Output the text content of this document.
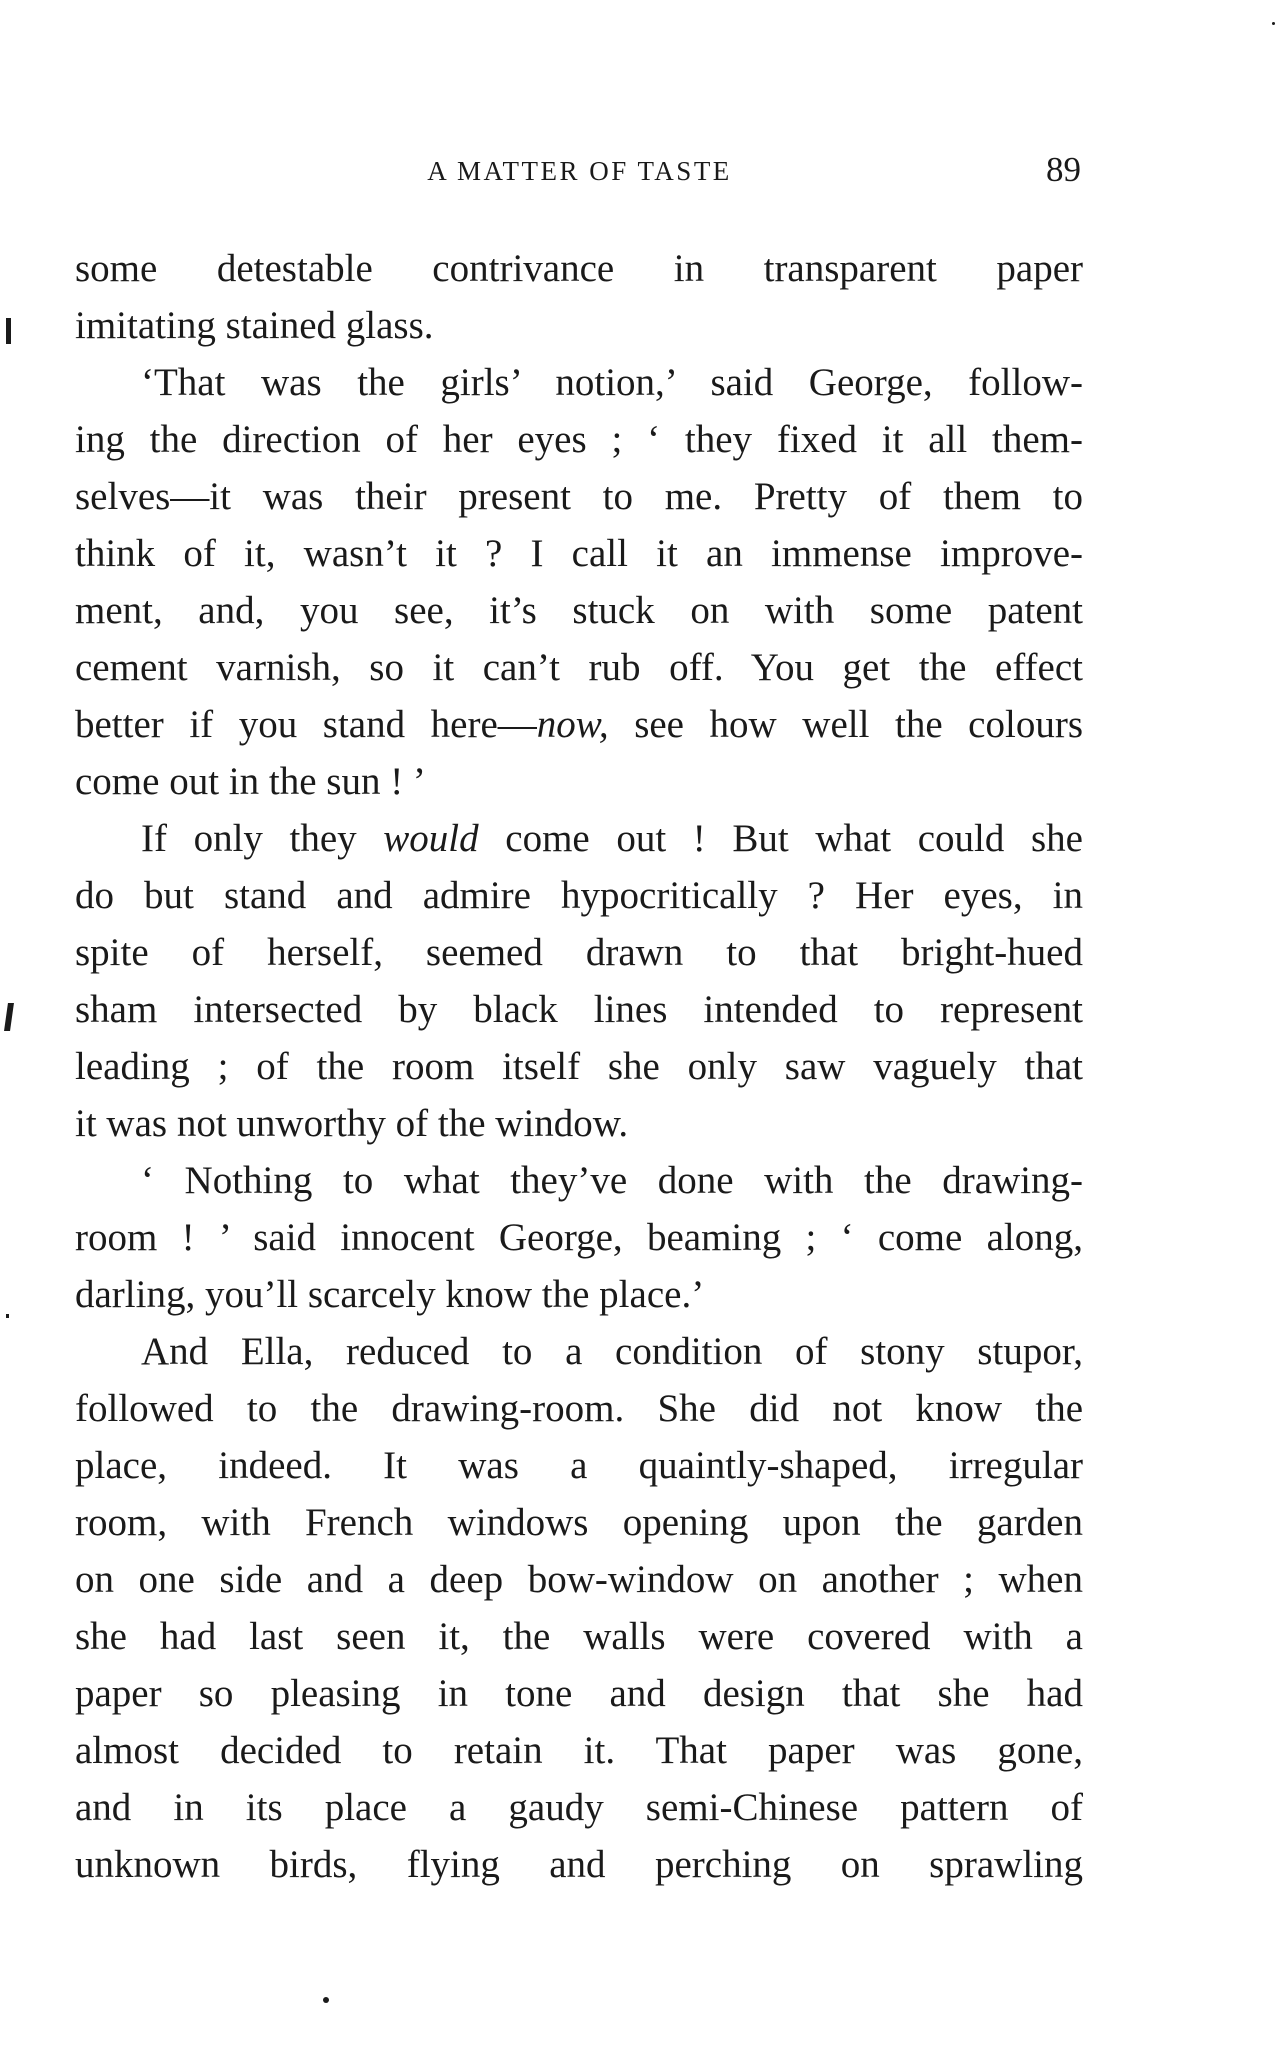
A MATTER OF TASTE	89
some detestable contrivance in transparent paper
imitating stained glass.
‘That was the girls’ notion,’ said George, follow-
ing the direction of her eyes ; ‘ they fixed it all them-
selves—it was their present to me. Pretty of them to
think of it, wasn’t it ? I call it an immense improve-
ment, and, you see, it’s stuck on with some patent
cement varnish, so it can’t rub off. You get the effect
better if you stand here—now, see how well the colours
come out in the sun ! ’
If only they would come out ! But what could she
do but stand and admire hypocritically ? Her eyes, in
spite of herself, seemed drawn to that bright-hued
sham intersected by black lines intended to represent
leading ; of the room itself she only saw vaguely that
it was not unworthy of the window.
‘ Nothing to what they’ve done with the drawing-
room ! ’ said innocent George, beaming ; ‘ come along,
darling, you’ll scarcely know the place.’
And Ella, reduced to a condition of stony stupor,
followed to the drawing-room. She did not know the
place, indeed. It was a quaintly-shaped, irregular
room, with French windows opening upon the garden
on one side and a deep bow-window on another ; when
she had last seen it, the walls were covered with a
paper so pleasing in tone and design that she had
almost decided to retain it. That paper was gone,
and in its place a gaudy semi-Chinese pattern of
unknown birds, flying and perching on sprawling
